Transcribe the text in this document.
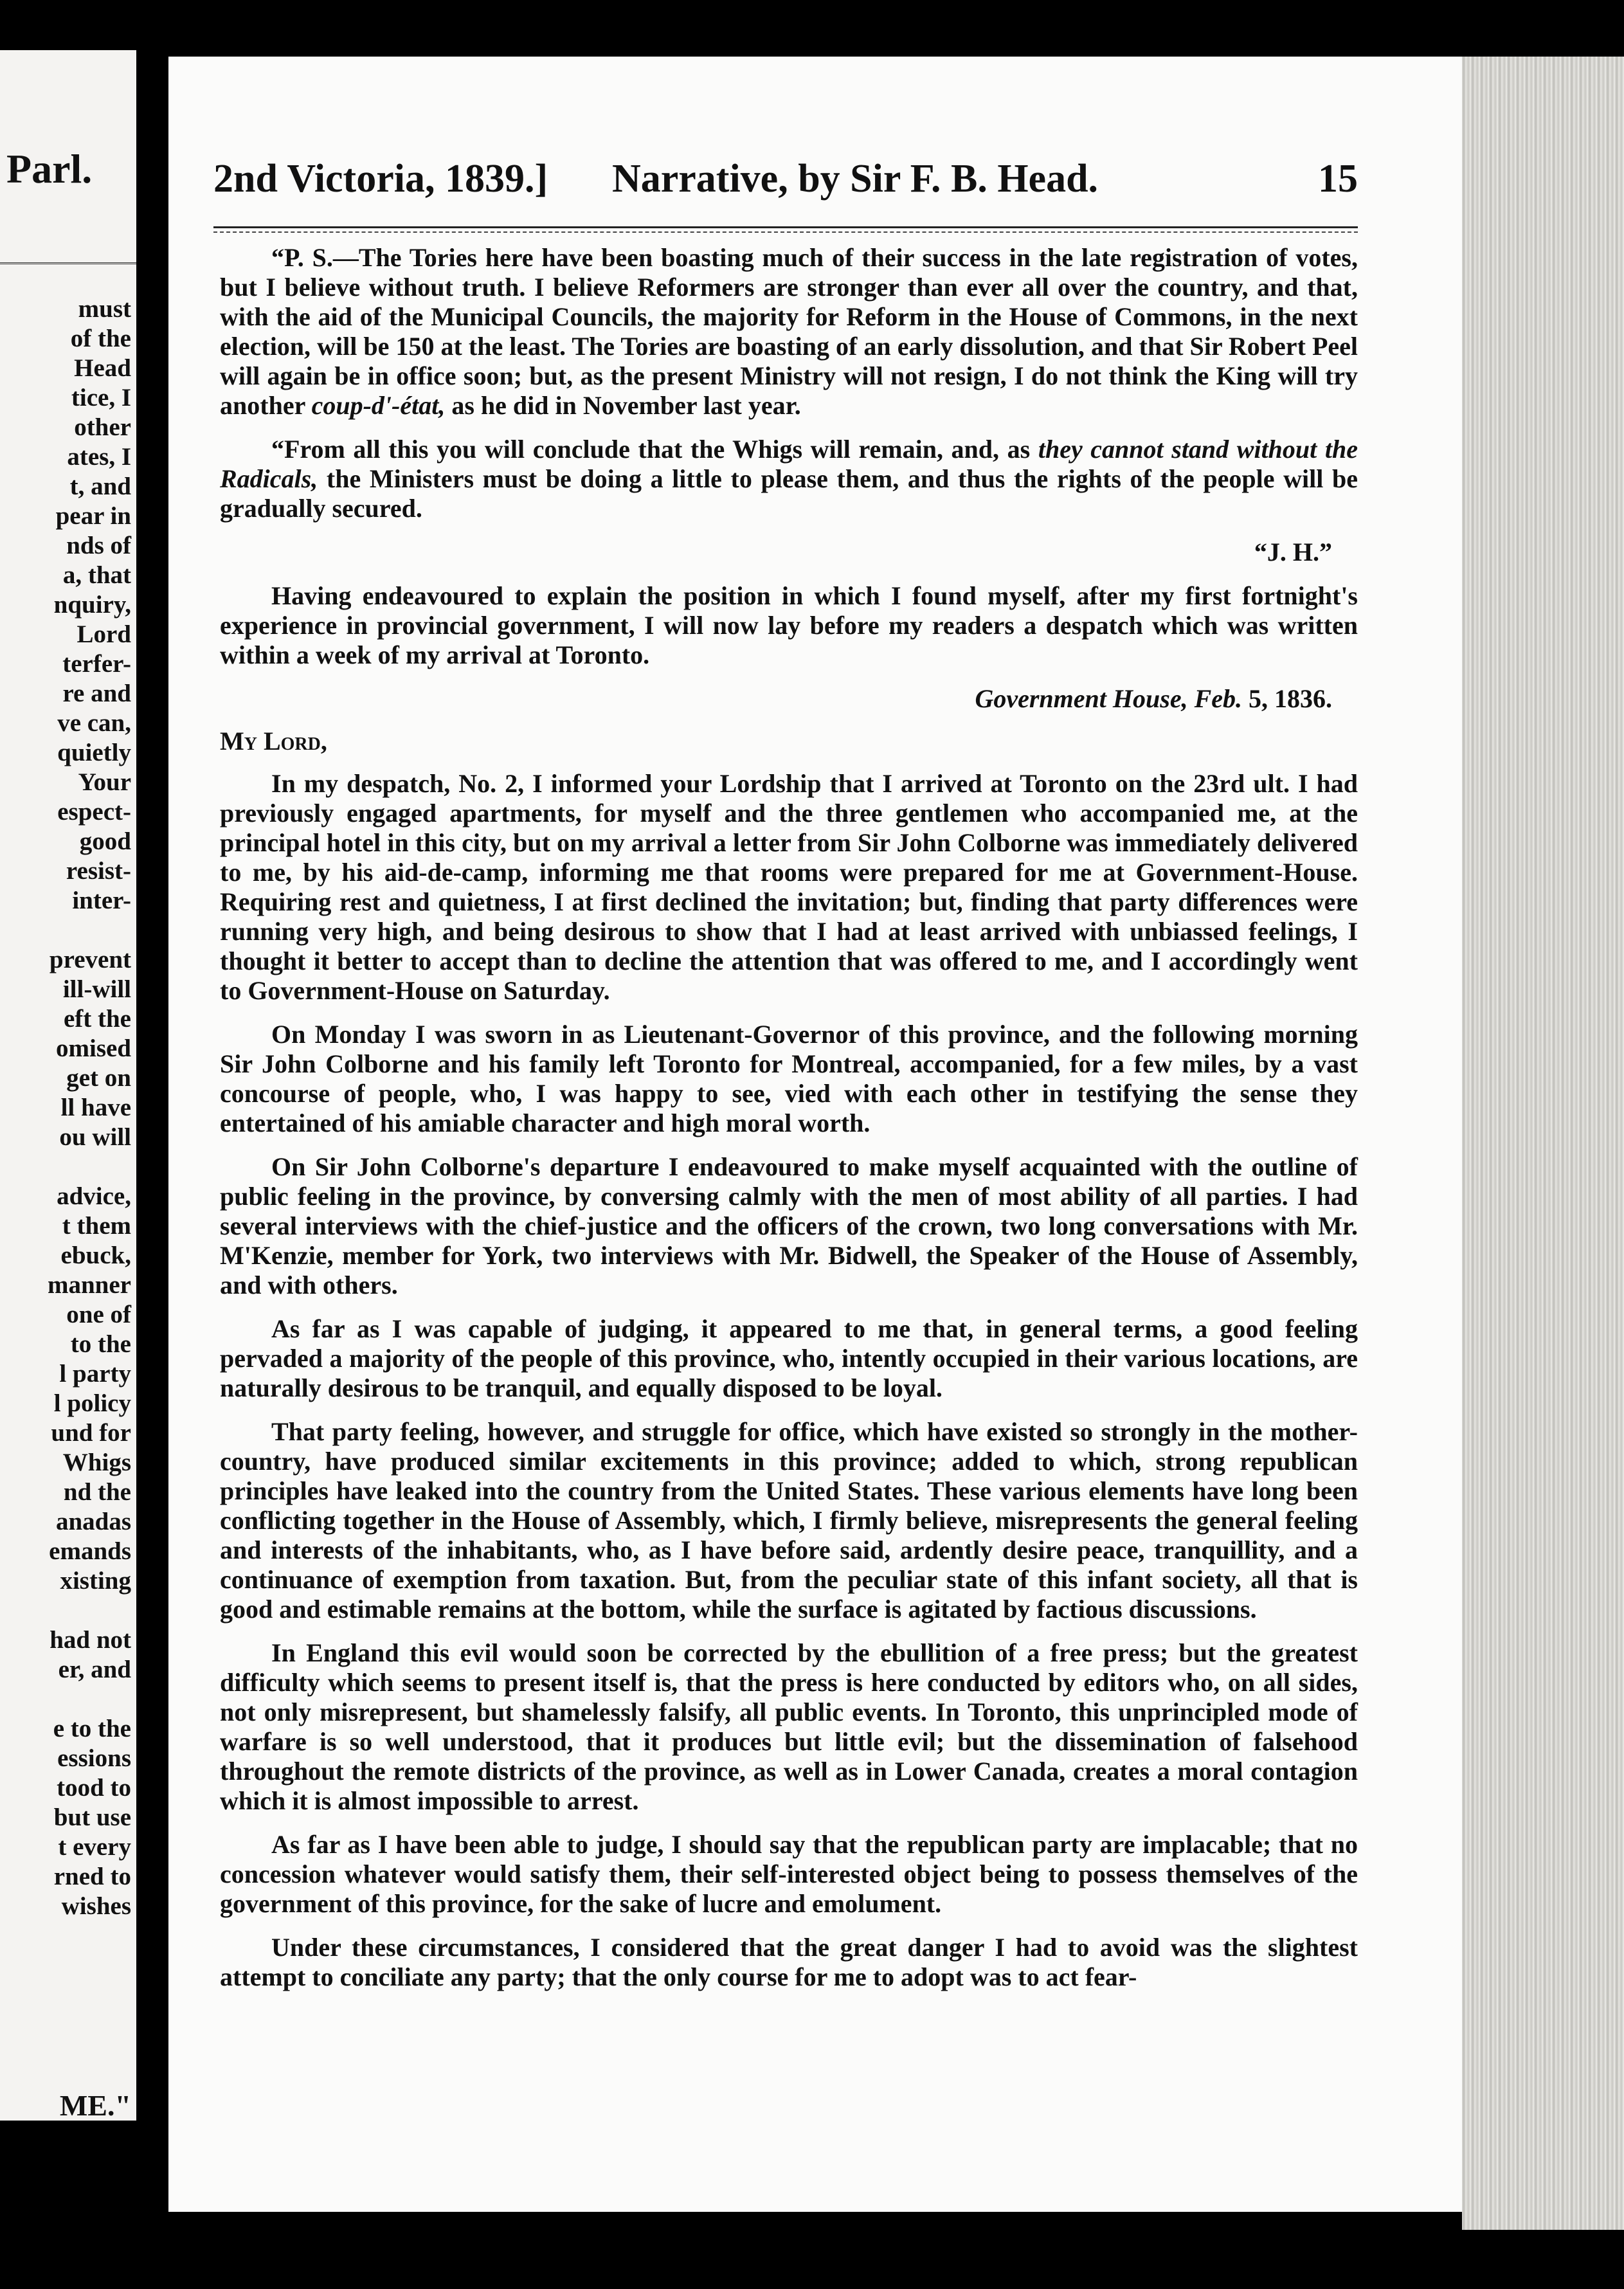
Parl.
must
of the
Head
tice, I
other
ates, I
t, and
pear in
nds of
a, that
nquiry,
Lord
terfer-
re and
ve can,
quietly
Your
espect-
good
resist-
inter-
prevent
ill-will
eft the
omised
get on
ll have
ou will
advice,
t them
ebuck,
manner
one of
to the
l party
l policy
und for
Whigs
nd the
anadas
emands
xisting
had not
er, and
e to the
essions
tood to
but use
t every
rned to
wishes
ME."
2nd Victoria, 1839.] Narrative, by Sir F. B. Head.	15

“P. S.—The Tories here have been boasting much of their success in the late registration of votes, but I believe without truth. I believe Reformers are stronger than ever all over the country, and that, with the aid of the Municipal Councils, the majority for Reform in the House of Commons, in the next election, will be 150 at the least. The Tories are boasting of an early dissolution, and that Sir Robert Peel will again be in office soon; but, as the present Ministry will not resign, I do not think the King will try another coup-d'-état, as he did in November last year.

“From all this you will conclude that the Whigs will remain, and, as they cannot stand without the Radicals, the Ministers must be doing a little to please them, and thus the rights of the people will be gradually secured.

“J. H.”

Having endeavoured to explain the position in which I found myself, after my first fortnight's experience in provincial government, I will now lay before my readers a despatch which was written within a week of my arrival at Toronto.

Government House, Feb. 5, 1836.
My Lord,

In my despatch, No. 2, I informed your Lordship that I arrived at Toronto on the 23rd ult. I had previously engaged apartments, for myself and the three gentlemen who accompanied me, at the principal hotel in this city, but on my arrival a letter from Sir John Colborne was immediately delivered to me, by his aid-de-camp, informing me that rooms were prepared for me at Government-House. Requiring rest and quietness, I at first declined the invitation; but, finding that party differences were running very high, and being desirous to show that I had at least arrived with unbiassed feelings, I thought it better to accept than to decline the attention that was offered to me, and I accordingly went to Government-House on Saturday.

On Monday I was sworn in as Lieutenant-Governor of this province, and the following morning Sir John Colborne and his family left Toronto for Montreal, accompanied, for a few miles, by a vast concourse of people, who, I was happy to see, vied with each other in testifying the sense they entertained of his amiable character and high moral worth.

On Sir John Colborne's departure I endeavoured to make myself acquainted with the outline of public feeling in the province, by conversing calmly with the men of most ability of all parties. I had several interviews with the chief-justice and the officers of the crown, two long conversations with Mr. M'Kenzie, member for York, two interviews with Mr. Bidwell, the Speaker of the House of Assembly, and with others.

As far as I was capable of judging, it appeared to me that, in general terms, a good feeling pervaded a majority of the people of this province, who, intently occupied in their various locations, are naturally desirous to be tranquil, and equally disposed to be loyal.

That party feeling, however, and struggle for office, which have existed so strongly in the mother-country, have produced similar excitements in this province; added to which, strong republican principles have leaked into the country from the United States. These various elements have long been conflicting together in the House of Assembly, which, I firmly believe, misrepresents the general feeling and interests of the inhabitants, who, as I have before said, ardently desire peace, tranquillity, and a continuance of exemption from taxation. But, from the peculiar state of this infant society, all that is good and estimable remains at the bottom, while the surface is agitated by factious discussions.

In England this evil would soon be corrected by the ebullition of a free press; but the greatest difficulty which seems to present itself is, that the press is here conducted by editors who, on all sides, not only misrepresent, but shamelessly falsify, all public events. In Toronto, this unprincipled mode of warfare is so well understood, that it produces but little evil; but the dissemination of falsehood throughout the remote districts of the province, as well as in Lower Canada, creates a moral contagion which it is almost impossible to arrest.

As far as I have been able to judge, I should say that the republican party are implacable; that no concession whatever would satisfy them, their self-interested object being to possess themselves of the government of this province, for the sake of lucre and emolument.

Under these circumstances, I considered that the great danger I had to avoid was the slightest attempt to conciliate any party; that the only course for me to adopt was to act fear-
